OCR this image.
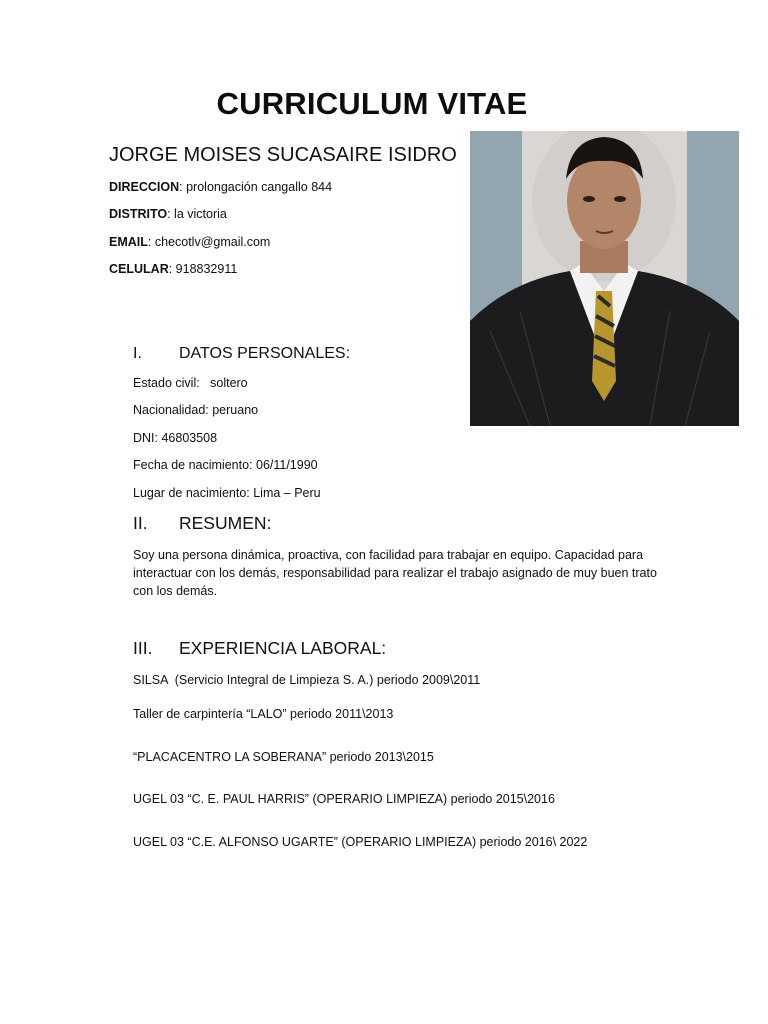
CURRICULUM VITAE
JORGE MOISES SUCASAIRE ISIDRO
DIRECCION: prolongación cangallo 844
DISTRITO: la victoria
EMAIL: checotlv@gmail.com
CELULAR: 918832911
I. DATOS PERSONALES:
Estado civil:   soltero
Nacionalidad: peruano
DNI: 46803508
Fecha de nacimiento: 06/11/1990
Lugar de nacimiento: Lima – Peru
II. RESUMEN:
Soy una persona dinámica, proactiva, con facilidad para trabajar en equipo. Capacidad para interactuar con los demás, responsabilidad para realizar el trabajo asignado de muy buen trato con los demás.
III. EXPERIENCIA LABORAL:
SILSA  (Servicio Integral de Limpieza S. A.) periodo 2009\2011
Taller de carpintería “LALO” periodo 2011\2013
“PLACACENTRO LA SOBERANA” periodo 2013\2015
UGEL 03 “C. E. PAUL HARRIS” (OPERARIO LIMPIEZA) periodo 2015\2016
UGEL 03 “C.E. ALFONSO UGARTE” (OPERARIO LIMPIEZA) periodo 2016\ 2022
